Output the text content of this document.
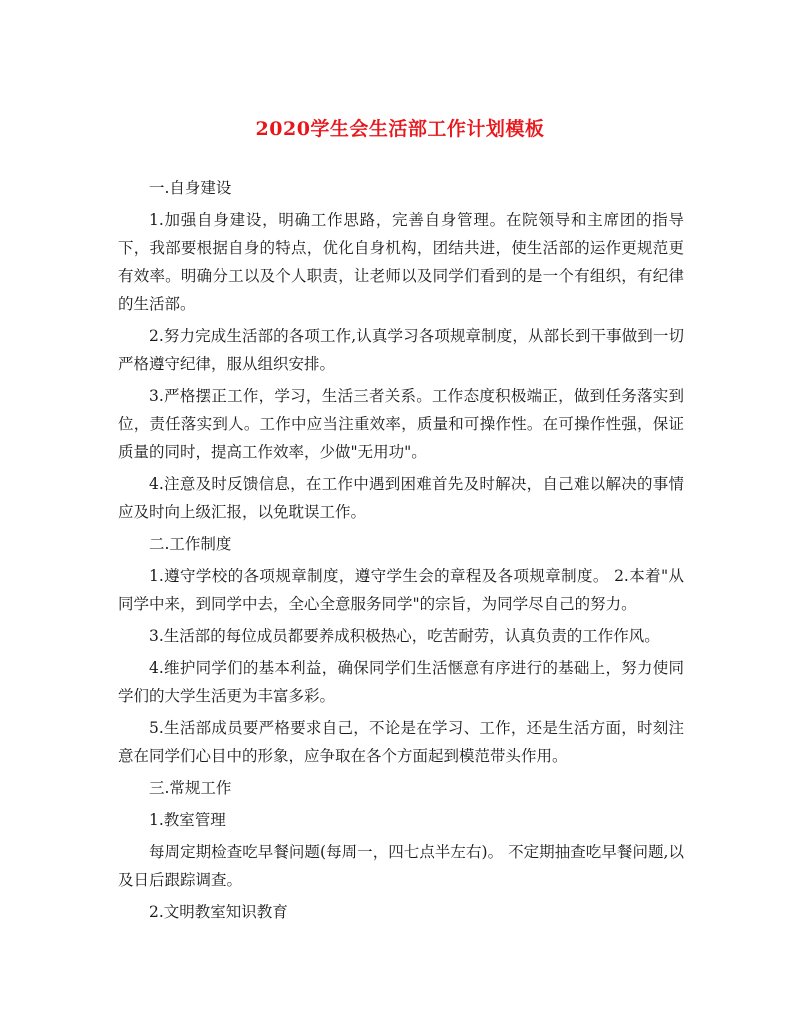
2020学生会生活部工作计划模板

一.自身建设

1.加强自身建设，明确工作思路，完善自身管理。在院领导和主席团的指导下，我部要根据自身的特点，优化自身机构，团结共进，使生活部的运作更规范更有效率。明确分工以及个人职责，让老师以及同学们看到的是一个有组织，有纪律的生活部。

2.努力完成生活部的各项工作,认真学习各项规章制度，从部长到干事做到一切严格遵守纪律，服从组织安排。

3.严格摆正工作，学习，生活三者关系。工作态度积极端正，做到任务落实到位，责任落实到人。工作中应当注重效率，质量和可操作性。在可操作性强，保证质量的同时，提高工作效率，少做"无用功"。

4.注意及时反馈信息，在工作中遇到困难首先及时解决，自己难以解决的事情应及时向上级汇报，以免耽误工作。

二.工作制度

1.遵守学校的各项规章制度，遵守学生会的章程及各项规章制度。 2.本着"从同学中来，到同学中去，全心全意服务同学"的宗旨，为同学尽自己的努力。

3.生活部的每位成员都要养成积极热心，吃苦耐劳，认真负责的工作作风。

4.维护同学们的基本利益，确保同学们生活惬意有序进行的基础上，努力使同学们的大学生活更为丰富多彩。

5.生活部成员要严格要求自己，不论是在学习、工作，还是生活方面，时刻注意在同学们心目中的形象，应争取在各个方面起到模范带头作用。

三.常规工作

1.教室管理

每周定期检查吃早餐问题(每周一，四七点半左右)。 不定期抽查吃早餐问题,以及日后跟踪调查。

2.文明教室知识教育
